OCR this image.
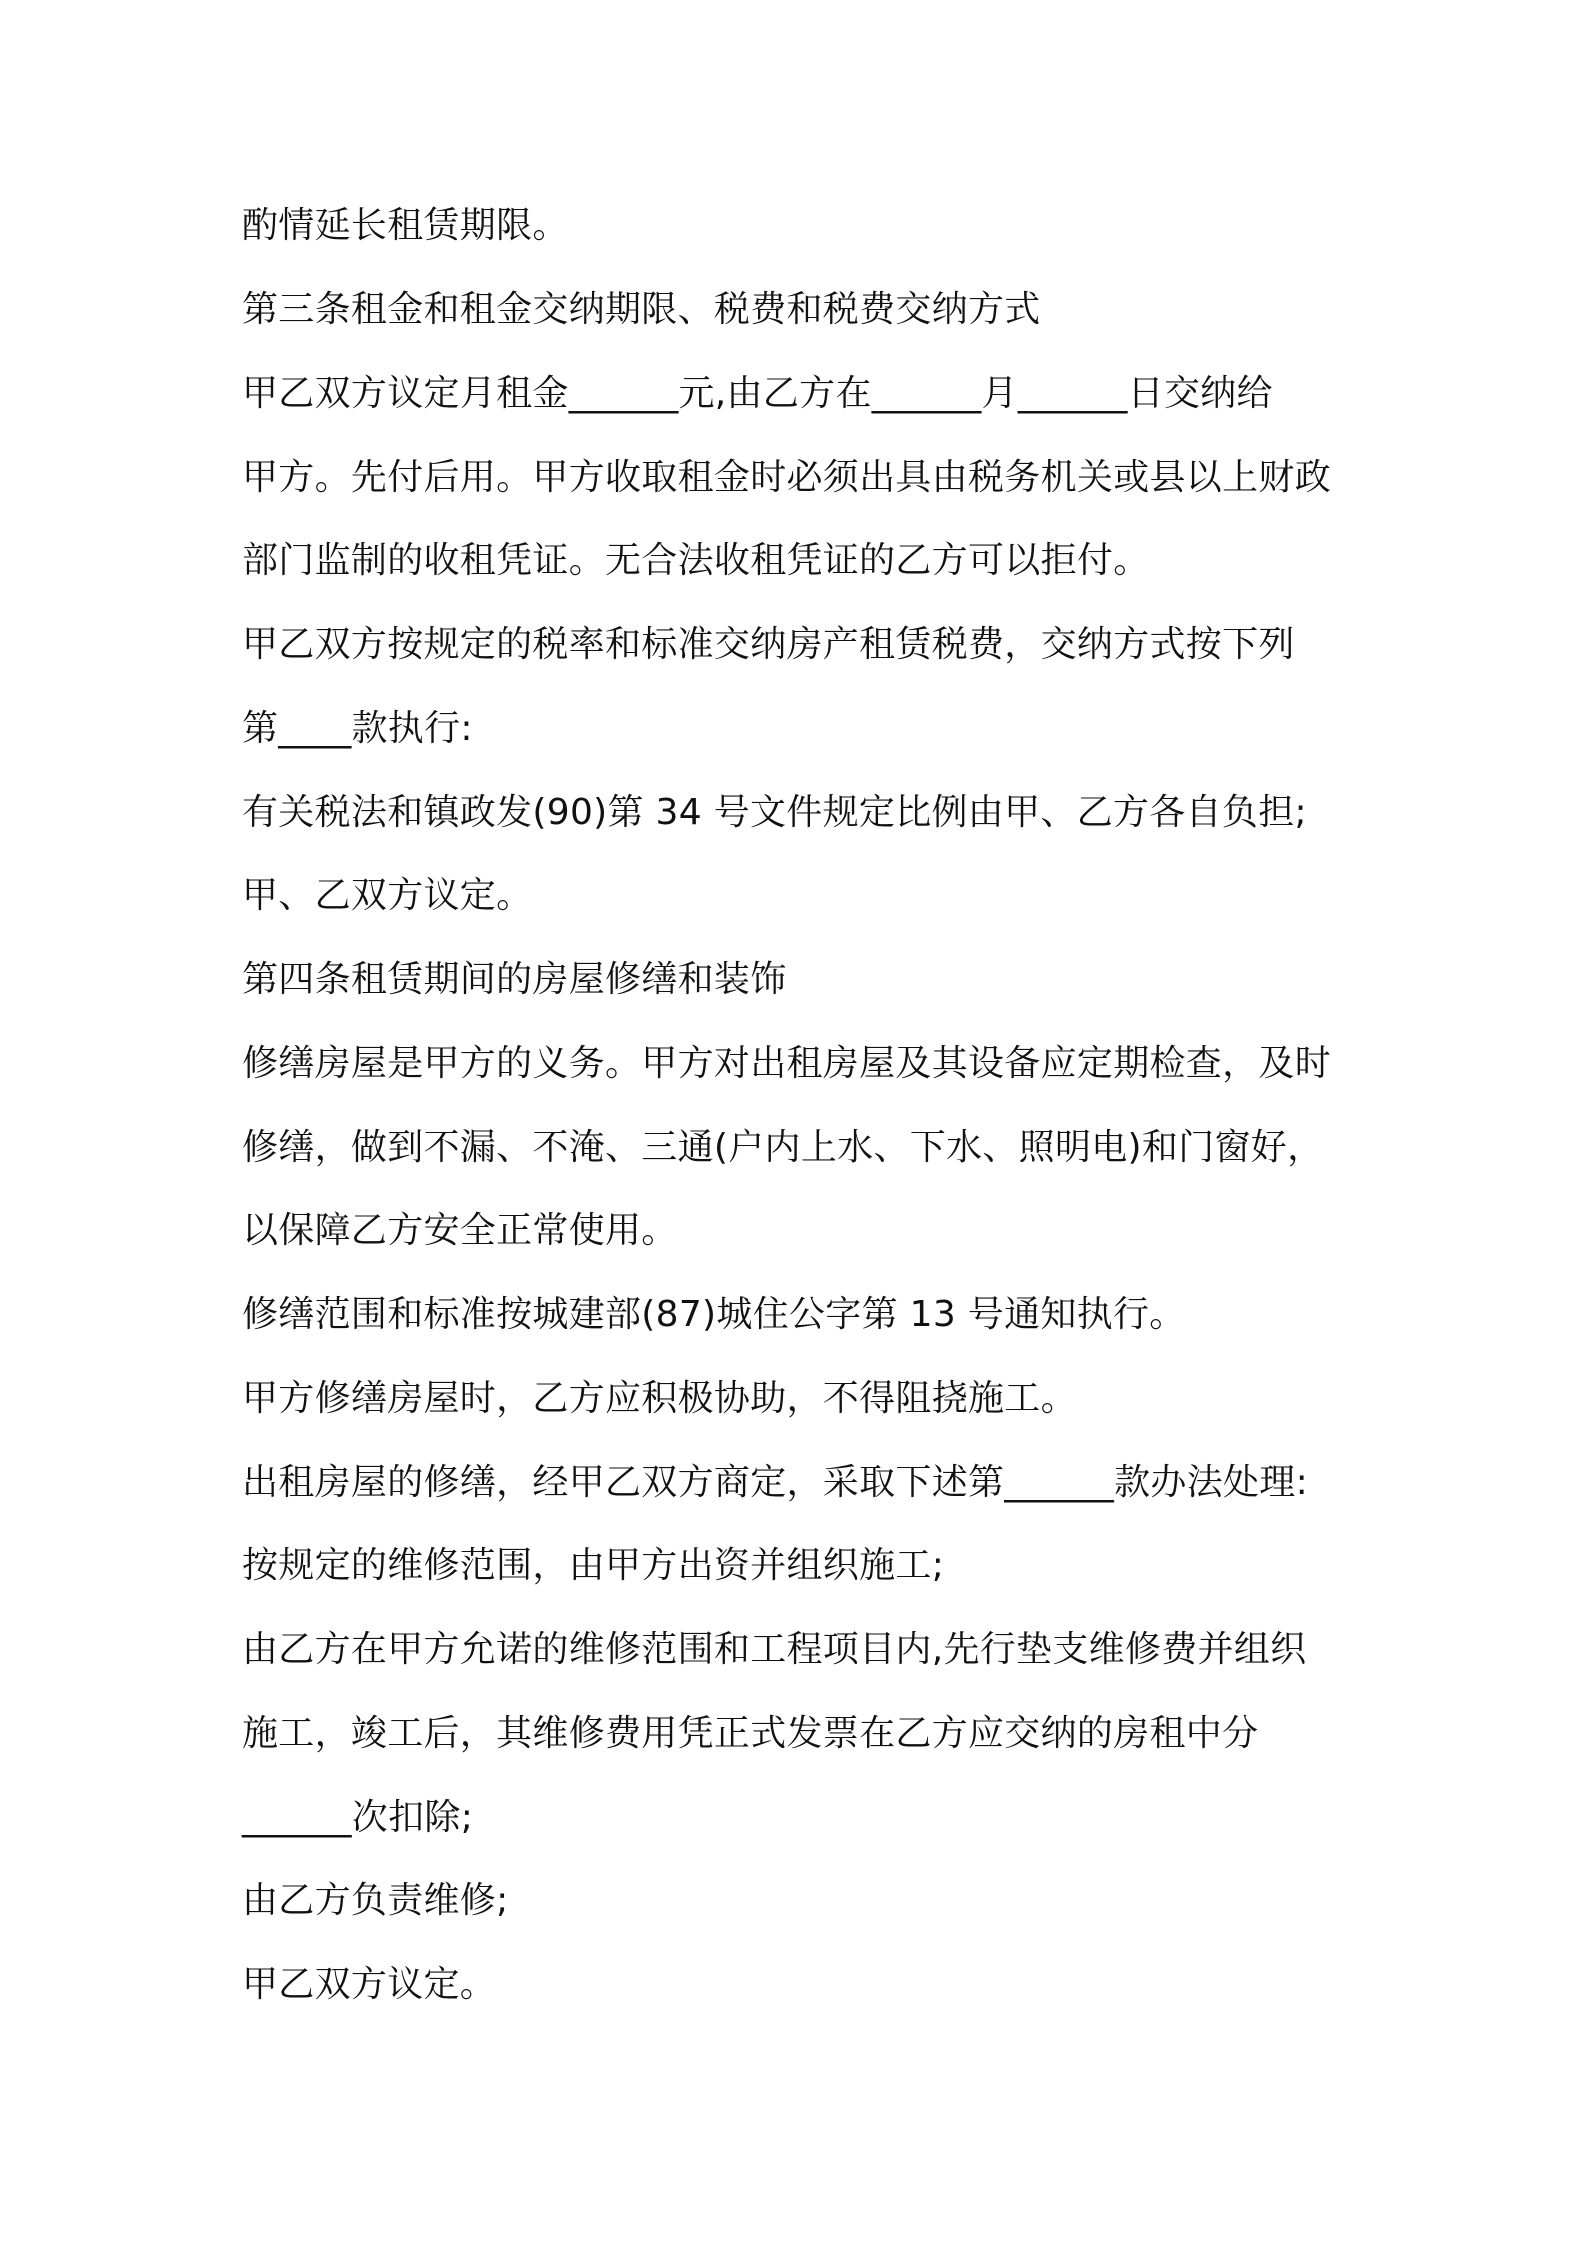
酌情延长租赁期限。

第三条租金和租金交纳期限、税费和税费交纳方式

甲乙双方议定月租金______元,由乙方在______月______日交纳给

甲方。先付后用。甲方收取租金时必须出具由税务机关或县以上财政

部门监制的收租凭证。无合法收租凭证的乙方可以拒付。

甲乙双方按规定的税率和标准交纳房产租赁税费，交纳方式按下列

第____款执行:

有关税法和镇政发(90)第 34 号文件规定比例由甲、乙方各自负担;

甲、乙双方议定。

第四条租赁期间的房屋修缮和装饰

修缮房屋是甲方的义务。甲方对出租房屋及其设备应定期检查，及时

修缮，做到不漏、不淹、三通(户内上水、下水、照明电)和门窗好，

以保障乙方安全正常使用。

修缮范围和标准按城建部(87)城住公字第 13 号通知执行。

甲方修缮房屋时，乙方应积极协助，不得阻挠施工。

出租房屋的修缮，经甲乙双方商定，采取下述第______款办法处理:

按规定的维修范围，由甲方出资并组织施工;

由乙方在甲方允诺的维修范围和工程项目内,先行垫支维修费并组织

施工，竣工后，其维修费用凭正式发票在乙方应交纳的房租中分

______次扣除;

由乙方负责维修;

甲乙双方议定。
